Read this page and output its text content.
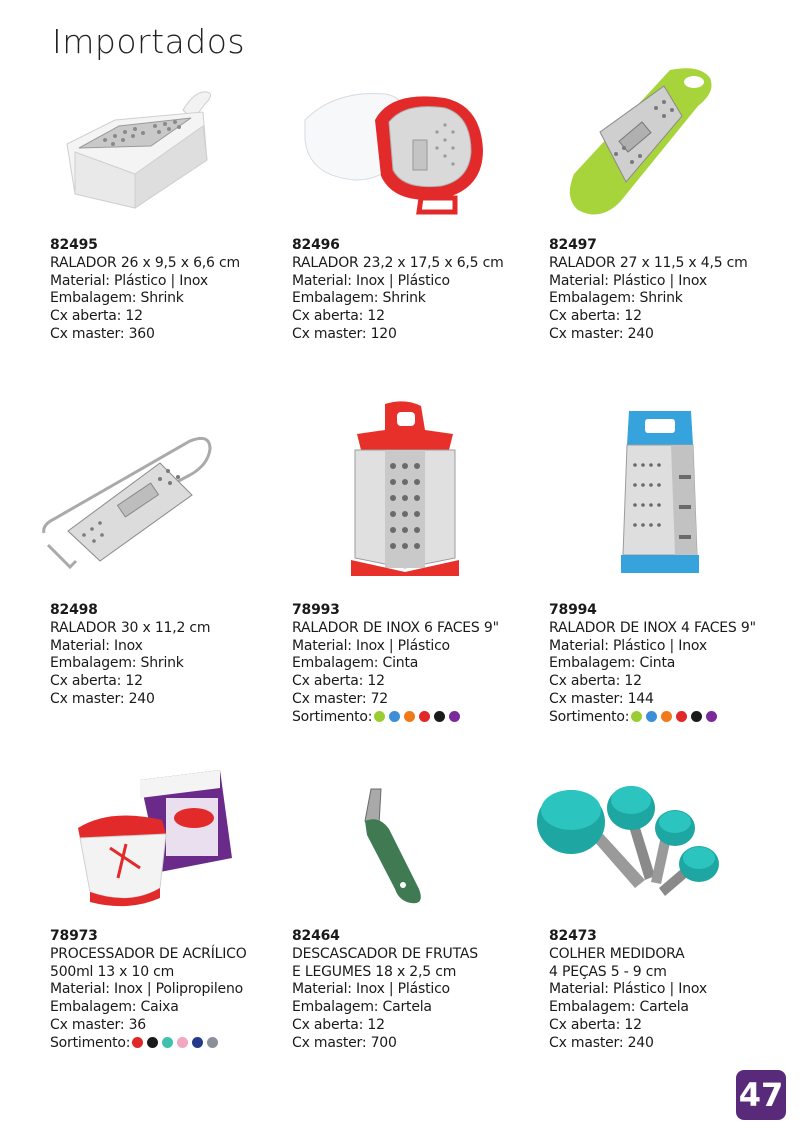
Importados
82495
RALADOR 26 x 9,5 x 6,6 cm
Material: Plástico | Inox
Embalagem: Shrink
Cx aberta: 12
Cx master: 360
82496
RALADOR 23,2 x 17,5 x 6,5 cm
Material: Inox | Plástico
Embalagem: Shrink
Cx aberta: 12
Cx master: 120
82497
RALADOR 27 x 11,5 x 4,5 cm
Material: Plástico | Inox
Embalagem: Shrink
Cx aberta: 12
Cx master: 240
82498
RALADOR 30 x 11,2 cm
Material: Inox
Embalagem: Shrink
Cx aberta: 12
Cx master: 240
78993
RALADOR DE INOX 6 FACES 9"
Material: Inox | Plástico
Embalagem: Cinta
Cx aberta: 12
Cx master: 72
Sortimento:
78994
RALADOR DE INOX 4 FACES 9"
Material: Plástico | Inox
Embalagem: Cinta
Cx aberta: 12
Cx master: 144
Sortimento:
78973
PROCESSADOR DE ACRÍLICO
500ml 13 x 10 cm
Material: Inox | Polipropileno
Embalagem: Caixa
Cx master: 36
Sortimento:
82464
DESCASCADOR DE FRUTAS
E LEGUMES 18 x 2,5 cm
Material: Inox | Plástico
Embalagem: Cartela
Cx aberta: 12
Cx master: 700
82473
COLHER MEDIDORA
4 PEÇAS 5 - 9 cm
Material: Plástico | Inox
Embalagem: Cartela
Cx aberta: 12
Cx master: 240
47
